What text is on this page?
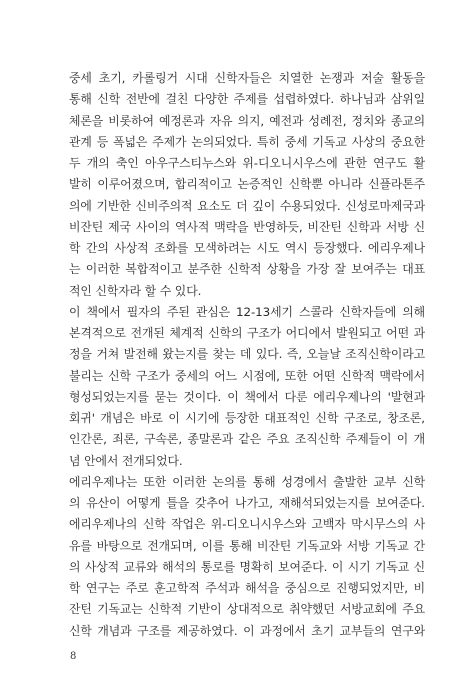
중세 초기, 카롤링거 시대 신학자들은 치열한 논쟁과 저술 활동을
통해 신학 전반에 걸친 다양한 주제를 섭렵하였다. 하나님과 삼위일
체론을 비롯하여 예정론과 자유 의지, 예전과 성례전, 정치와 종교의
관계 등 폭넓은 주제가 논의되었다. 특히 중세 기독교 사상의 중요한
두 개의 축인 아우구스티누스와 위-디오니시우스에 관한 연구도 활
발히 이루어졌으며, 합리적이고 논증적인 신학뿐 아니라 신플라톤주
의에 기반한 신비주의적 요소도 더 깊이 수용되었다. 신성로마제국과
비잔틴 제국 사이의 역사적 맥락을 반영하듯, 비잔틴 신학과 서방 신
학 간의 사상적 조화를 모색하려는 시도 역시 등장했다. 에리우제나
는 이러한 복합적이고 분주한 신학적 상황을 가장 잘 보여주는 대표
적인 신학자라 할 수 있다.

이 책에서 필자의 주된 관심은 12-13세기 스콜라 신학자들에 의해
본격적으로 전개된 체계적 신학의 구조가 어디에서 발원되고 어떤 과
정을 거쳐 발전해 왔는지를 찾는 데 있다. 즉, 오늘날 조직신학이라고
불리는 신학 구조가 중세의 어느 시점에, 또한 어떤 신학적 맥락에서
형성되었는지를 묻는 것이다. 이 책에서 다룬 에리우제나의 '발현과
회귀' 개념은 바로 이 시기에 등장한 대표적인 신학 구조로, 창조론,
인간론, 죄론, 구속론, 종말론과 같은 주요 조직신학 주제들이 이 개
념 안에서 전개되었다.

에리우제나는 또한 이러한 논의를 통해 성경에서 출발한 교부 신학
의 유산이 어떻게 틀을 갖추어 나가고, 재해석되었는지를 보여준다.
에리우제나의 신학 작업은 위-디오니시우스와 고백자 막시무스의 사
유를 바탕으로 전개되며, 이를 통해 비잔틴 기독교와 서방 기독교 간
의 사상적 교류와 해석의 통로를 명확히 보여준다. 이 시기 기독교 신
학 연구는 주로 훈고학적 주석과 해석을 중심으로 진행되었지만, 비
잔틴 기독교는 신학적 기반이 상대적으로 취약했던 서방교회에 주요
신학 개념과 구조를 제공하였다. 이 과정에서 초기 교부들의 연구와

8
